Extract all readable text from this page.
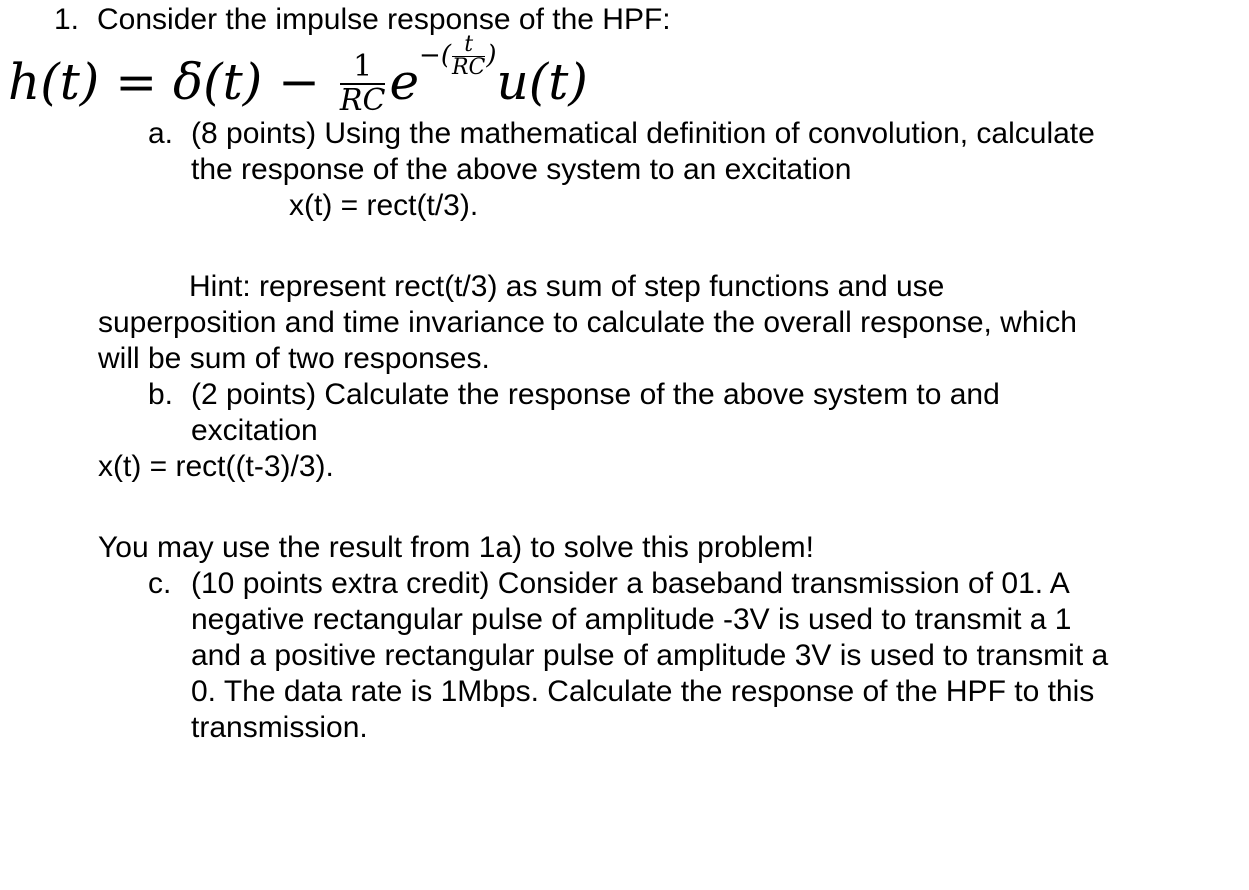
1. Consider the impulse response of the HPF:
$h(t) = \delta(t) - \frac{1}{RC} e-( \frac{t}{RC} )u(t)$
a. (8 points) Using the mathematical definition of convolution, calculate
the response of the above system to an excitation
x(t) = rect(t/3).
Hint: represent rect(t/3) as sum of step functions and use
superposition and time invariance to calculate the overall response, which
will be sum of two responses.
b. (2 points) Calculate the response of the above system to and
excitation
x(t) = rect((t-3)/3).
You may use the result from 1a) to solve this problem!
c. (10 points extra credit) Consider a baseband transmission of 01. A
negative rectangular pulse of amplitude -3V is used to transmit a 1
and a positive rectangular pulse of amplitude 3V is used to transmit a
0. The data rate is 1Mbps. Calculate the response of the HPF to this
transmission.
